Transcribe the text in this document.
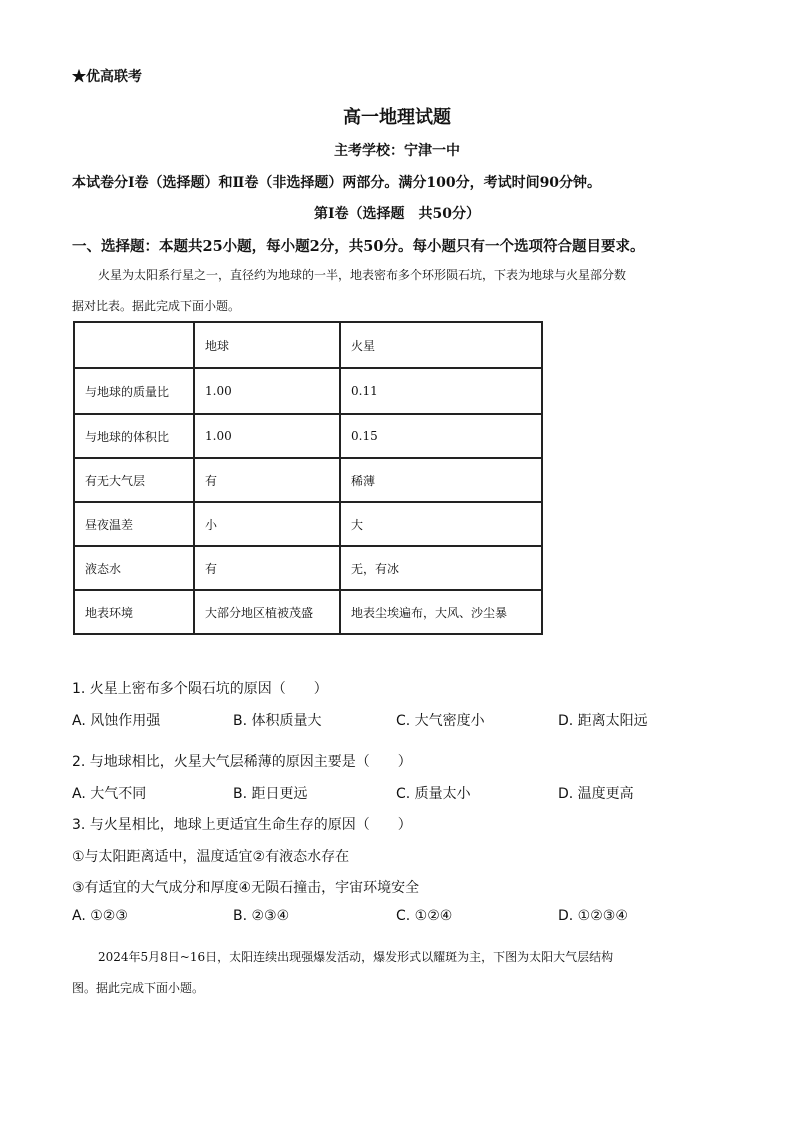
★优高联考
高一地理试题
主考学校：宁津一中
本试卷分Ⅰ卷（选择题）和Ⅱ卷（非选择题）两部分。满分100分，考试时间90分钟。
第Ⅰ卷（选择题　共50分）
一、选择题：本题共25小题，每小题2分，共50分。每小题只有一个选项符合题目要求。
火星为太阳系行星之一，直径约为地球的一半，地表密布多个环形陨石坑，下表为地球与火星部分数
据对比表。据此完成下面小题。
	地球	火星
与地球的质量比	1.00	0.11
与地球的体积比	1.00	0.15
有无大气层	有	稀薄
昼夜温差	小	大
液态水	有	无，有冰
地表环境	大部分地区植被茂盛	地表尘埃遍布，大风、沙尘暴
1. 火星上密布多个陨石坑的原因（　　）
A. 风蚀作用强	B. 体积质量大	C. 大气密度小	D. 距离太阳远
2. 与地球相比，火星大气层稀薄的原因主要是（　　）
A. 大气不同	B. 距日更远	C. 质量太小	D. 温度更高
3. 与火星相比，地球上更适宜生命生存的原因（　　）
①与太阳距离适中，温度适宜②有液态水存在
③有适宜的大气成分和厚度④无陨石撞击，宇宙环境安全
A. ①②③	B. ②③④	C. ①②④	D. ①②③④
2024年5月8日~16日，太阳连续出现强爆发活动，爆发形式以耀斑为主，下图为太阳大气层结构
图。据此完成下面小题。
